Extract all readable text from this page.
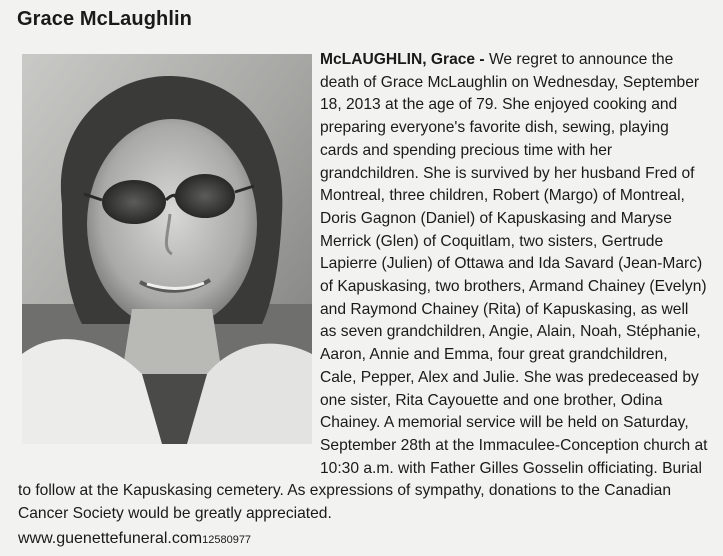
Grace McLaughlin

McLAUGHLIN, Grace - We regret to announce the death of Grace McLaughlin on Wednesday, September 18, 2013 at the age of 79. She enjoyed cooking and preparing everyone's favorite dish, sewing, playing cards and spending precious time with her grandchildren. She is survived by her husband Fred of Montreal, three children, Robert (Margo) of Montreal, Doris Gagnon (Daniel) of Kapuskasing and Maryse Merrick (Glen) of Coquitlam, two sisters, Gertrude Lapierre (Julien) of Ottawa and Ida Savard (Jean-Marc) of Kapuskasing, two brothers, Armand Chainey (Evelyn) and Raymond Chainey (Rita) of Kapuskasing, as well as seven grandchildren, Angie, Alain, Noah, Stéphanie, Aaron, Annie and Emma, four great grandchildren, Cale, Pepper, Alex and Julie. She was predeceased by one sister, Rita Cayouette and one brother, Odina Chainey. A memorial service will be held on Saturday, September 28th at the Immaculee-Conception church at 10:30 a.m. with Father Gilles Gosselin officiating. Burial to follow at the Kapuskasing cemetery. As expressions of sympathy, donations to the Canadian Cancer Society would be greatly appreciated.

www.guenettefuneral.com12580977
